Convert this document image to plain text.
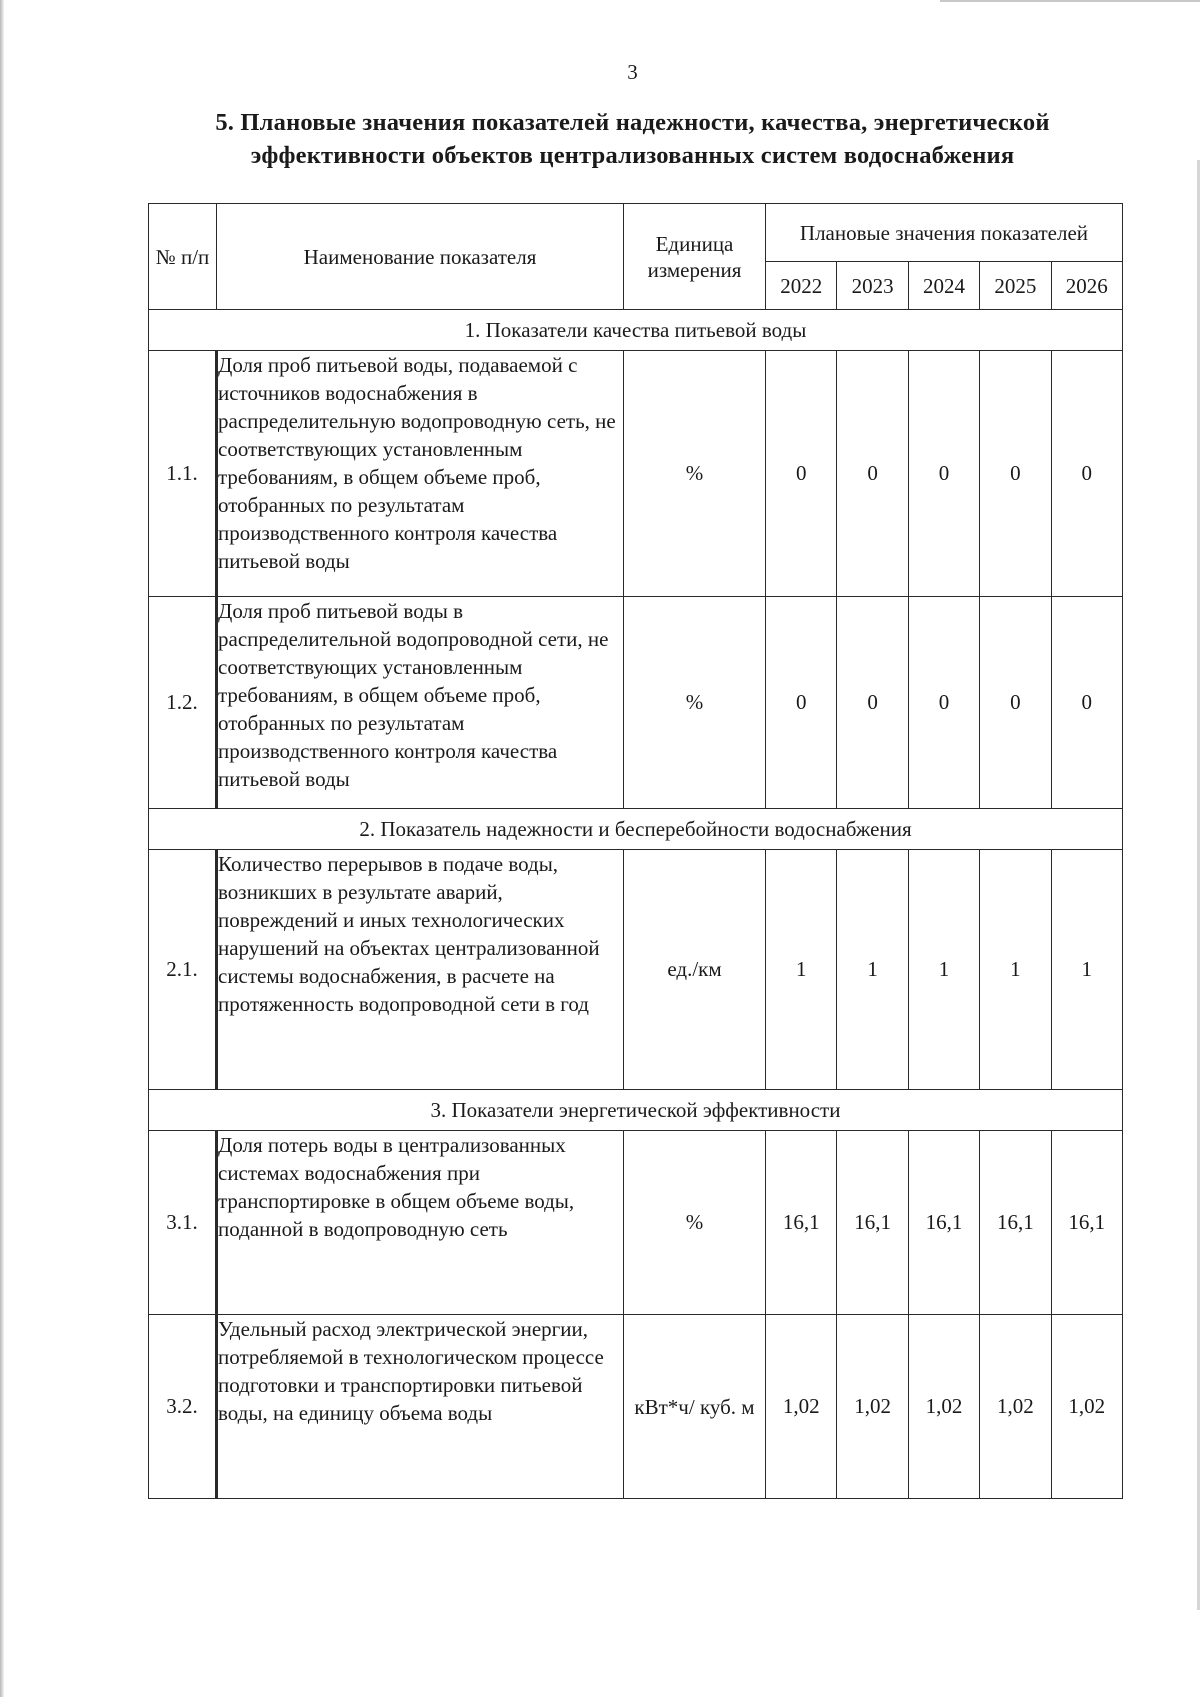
3
5. Плановые значения показателей надежности, качества, энергетической
эффективности объектов централизованных систем водоснабжения
№ п/п	Наименование показателя	Единица измерения	Плановые значения показателей				
			2022	2023	2024	2025	2026
1. Показатели качества питьевой воды							
1.1.	Доля проб питьевой воды, подаваемой с источников водоснабжения в распределительную водопроводную сеть, не соответствующих установленным требованиям, в общем объеме проб, отобранных по результатам производственного контроля качества питьевой воды	%	0	0	0	0	0
1.2.	Доля проб питьевой воды в распределительной водопроводной сети, не соответствующих установленным требованиям, в общем объеме проб, отобранных по результатам производственного контроля качества питьевой воды	%	0	0	0	0	0
2. Показатель надежности и бесперебойности водоснабжения							
2.1.	Количество перерывов в подаче воды, возникших в результате аварий, повреждений и иных технологических нарушений на объектах централизованной системы водоснабжения, в расчете на протяженность водопроводной сети в год	ед./км	1	1	1	1	1
3. Показатели энергетической эффективности							
3.1.	Доля потерь воды в централизованных системах водоснабжения при транспортировке в общем объеме воды, поданной в водопроводную сеть	%	16,1	16,1	16,1	16,1	16,1
3.2.	Удельный расход электрической энергии, потребляемой в технологическом процессе подготовки и транспортировки питьевой воды, на единицу объема воды	кВт*ч/ куб. м	1,02	1,02	1,02	1,02	1,02
